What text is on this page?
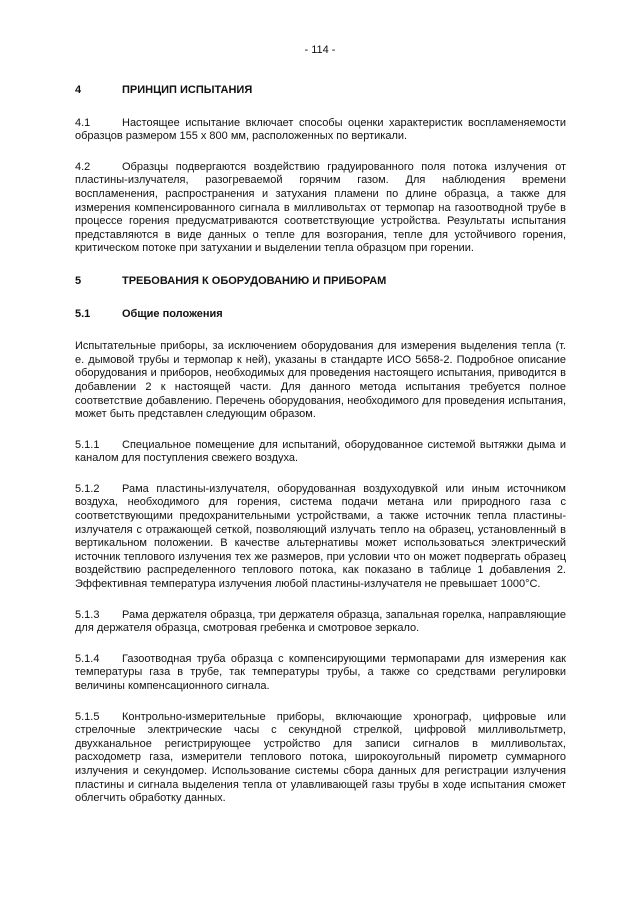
- 114 -
4	ПРИНЦИП ИСПЫТАНИЯ

4.1	Настоящее испытание включает способы оценки характеристик воспламеняемости образцов размером 155 x 800 мм, расположенных по вертикали.

4.2	Образцы подвергаются воздействию градуированного поля потока излучения от пластины-излучателя, разогреваемой горячим газом. Для наблюдения времени воспламенения, распространения и затухания пламени по длине образца, а также для измерения компенсированного сигнала в милливольтах от термопар на газоотводной трубе в процессе горения предусматриваются соответствующие устройства. Результаты испытания представляются в виде данных о тепле для возгорания, тепле для устойчивого горения, критическом потоке при затухании и выделении тепла образцом при горении.

5	ТРЕБОВАНИЯ К ОБОРУДОВАНИЮ И ПРИБОРАМ
5.1	Общие положения

Испытательные приборы, за исключением оборудования для измерения выделения тепла (т. е. дымовой трубы и термопар к ней), указаны в стандарте ИСО 5658-2. Подробное описание оборудования и приборов, необходимых для проведения настоящего испытания, приводится в добавлении 2 к настоящей части. Для данного метода испытания требуется полное соответствие добавлению. Перечень оборудования, необходимого для проведения испытания, может быть представлен следующим образом.

5.1.1 Специальное помещение для испытаний, оборудованное системой вытяжки дыма и каналом для поступления свежего воздуха.

5.1.2 Рама пластины-излучателя, оборудованная воздуходувкой или иным источником воздуха, необходимого для горения, система подачи метана или природного газа с соответствующими предохранительными устройствами, а также источник тепла пластины-излучателя с отражающей сеткой, позволяющий излучать тепло на образец, установленный в вертикальном положении. В качестве альтернативы может использоваться электрический источник теплового излучения тех же размеров, при условии что он может подвергать образец воздействию распределенного теплового потока, как показано в таблице 1 добавления 2. Эффективная температура излучения любой пластины-излучателя не превышает 1000°C.

5.1.3 Рама держателя образца, три держателя образца, запальная горелка, направляющие для держателя образца, смотровая гребенка и смотровое зеркало.

5.1.4 Газоотводная труба образца с компенсирующими термопарами для измерения как температуры газа в трубе, так температуры трубы, а также со средствами регулировки величины компенсационного сигнала.

5.1.5 Контрольно-измерительные приборы, включающие хронограф, цифровые или стрелочные электрические часы с секундной стрелкой, цифровой милливольтметр, двухканальное регистрирующее устройство для записи сигналов в милливольтах, расходометр газа, измерители теплового потока, широкоугольный пирометр суммарного излучения и секундомер. Использование системы сбора данных для регистрации излучения пластины и сигнала выделения тепла от улавливающей газы трубы в ходе испытания сможет облегчить обработку данных.
